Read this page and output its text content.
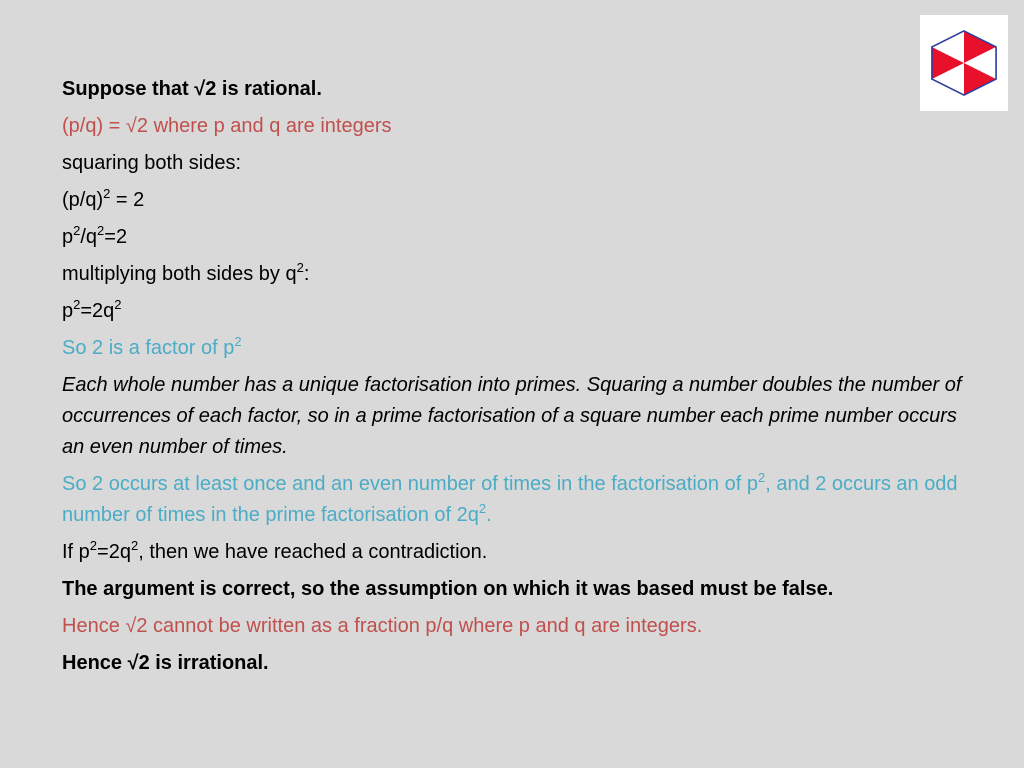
Suppose that √2 is rational.
(p/q) = √2 where p and q are integers
squaring both sides:
$(p/q)^2 = 2$
$p^2/q^2=2$
multiplying both sides by $q^2$:
$p^2=2q^2$
So 2 is a factor of $p^2$
Each whole number has a unique factorisation into primes. Squaring a number doubles the number of occurrences of each factor, so in a prime factorisation of a square number each prime number occurs an even number of times.
So 2 occurs at least once and an even number of times in the factorisation of $p^2$, and 2 occurs an odd number of times in the prime factorisation of $2q^2$.
If $p^2=2q^2$, then we have reached a contradiction.
The argument is correct, so the assumption on which it was based must be false.
Hence √2 cannot be written as a fraction p/q where p and q are integers.
Hence √2 is irrational.
